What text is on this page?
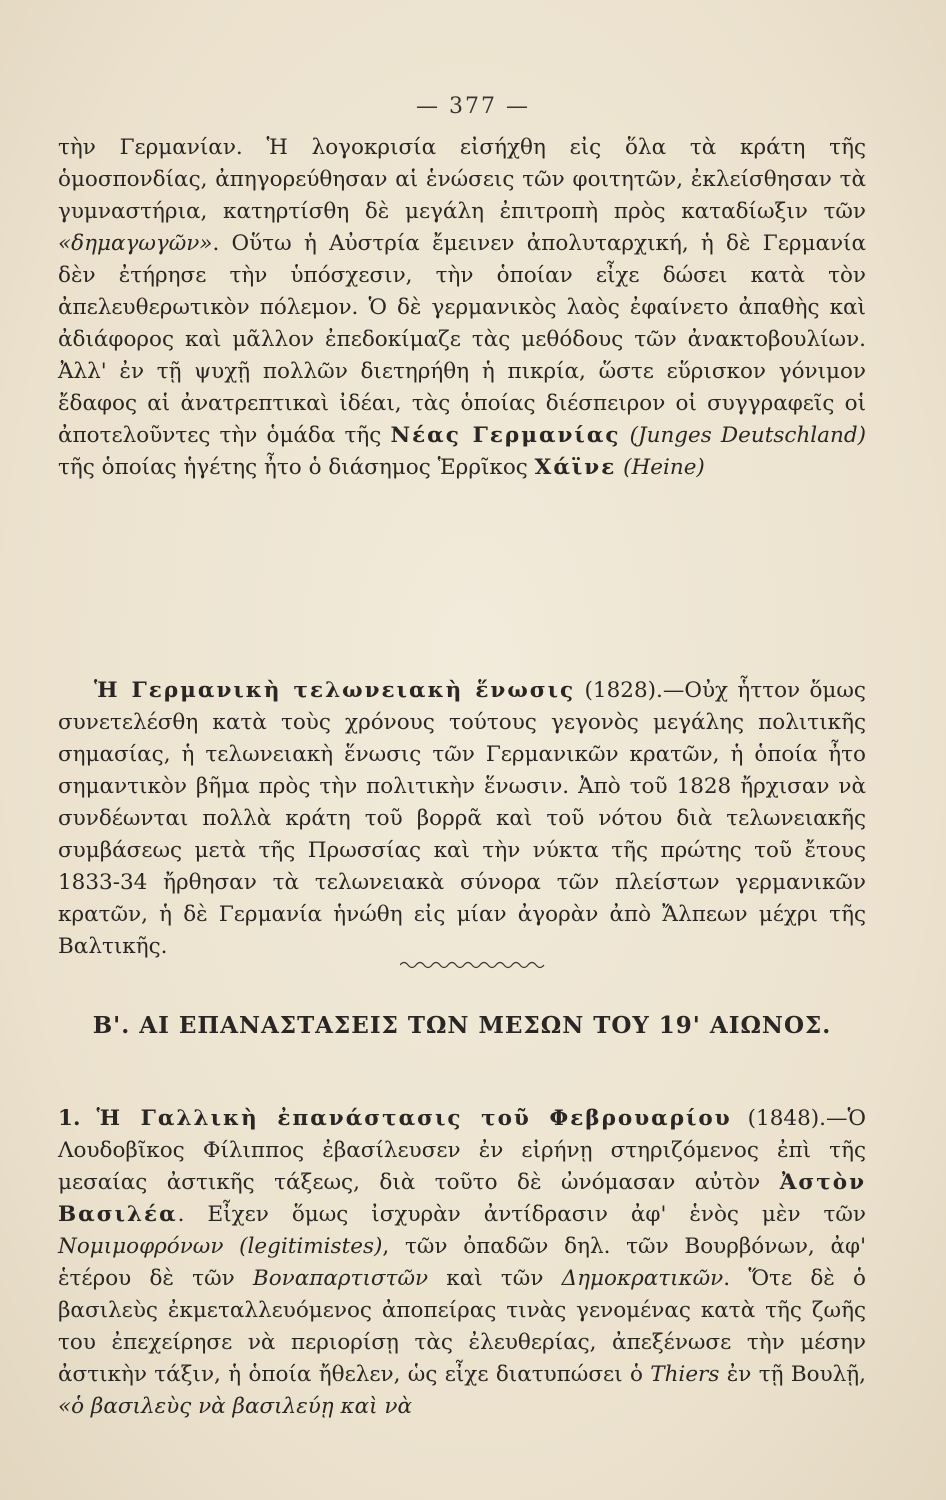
— 377 —
τὴν Γερμανίαν. Ἡ λογοκρισία εἰσήχθη εἰς ὅλα τὰ κράτη τῆς ὁμοσπονδίας, ἀπηγορεύθησαν αἱ ἑνώσεις τῶν φοιτητῶν, ἐκλείσθησαν τὰ γυμναστήρια, κατηρτίσθη δὲ μεγάλη ἐπιτροπὴ πρὸς καταδίωξιν τῶν «δημαγωγῶν». Οὕτω ἡ Αὐστρία ἔμεινεν ἀπολυταρχική, ἡ δὲ Γερμανία δὲν ἐτήρησε τὴν ὑπόσχεσιν, τὴν ὁποίαν εἶχε δώσει κατὰ τὸν ἀπελευθερωτικὸν πόλεμον. Ὁ δὲ γερμανικὸς λαὸς ἐφαίνετο ἀπαθὴς καὶ ἀδιάφορος καὶ μᾶλλον ἐπεδοκίμαζε τὰς μεθόδους τῶν ἀνακτοβουλίων. Ἀλλ' ἐν τῇ ψυχῇ πολλῶν διετηρήθη ἡ πικρία, ὥστε εὕρισκον γόνιμον ἔδαφος αἱ ἀνατρεπτικαὶ ἰδέαι, τὰς ὁποίας διέσπειρον οἱ συγγραφεῖς οἱ ἀποτελοῦντες τὴν ὁμάδα τῆς Νέας Γερμανίας (Junges Deutschland) τῆς ὁποίας ἡγέτης ἦτο ὁ διάσημος Ἑρρῖκος Χάϊνε (Heine)
Ἡ Γερμανικὴ τελωνειακὴ ἕνωσις (1828).—Οὐχ ἧττον ὅμως συνετελέσθη κατὰ τοὺς χρόνους τούτους γεγονὸς μεγάλης πολιτικῆς σημασίας, ἡ τελωνειακὴ ἕνωσις τῶν Γερμανικῶν κρατῶν, ἡ ὁποία ἦτο σημαντικὸν βῆμα πρὸς τὴν πολιτικὴν ἕνωσιν. Ἀπὸ τοῦ 1828 ἤρχισαν νὰ συνδέωνται πολλὰ κράτη τοῦ βορρᾶ καὶ τοῦ νότου διὰ τελωνειακῆς συμβάσεως μετὰ τῆς Πρωσσίας καὶ τὴν νύκτα τῆς πρώτης τοῦ ἔτους 1833-34 ἤρθησαν τὰ τελωνειακὰ σύνορα τῶν πλείστων γερμανικῶν κρατῶν, ἡ δὲ Γερμανία ἡνώθη εἰς μίαν ἀγορὰν ἀπὸ Ἄλπεων μέχρι τῆς Βαλτικῆς.
Β'. ΑΙ ΕΠΑΝΑΣΤΑΣΕΙΣ ΤΩΝ ΜΕΣΩΝ ΤΟΥ 19' ΑΙΩΝΟΣ.
1. Ἡ Γαλλικὴ ἐπανάστασις τοῦ Φεβρουαρίου (1848).—Ὁ Λουδοβῖκος Φίλιππος ἐβασίλευσεν ἐν εἰρήνῃ στηριζόμενος ἐπὶ τῆς μεσαίας ἀστικῆς τάξεως, διὰ τοῦτο δὲ ὠνόμασαν αὐτὸν Ἀστὸν Βασιλέα. Εἶχεν ὅμως ἰσχυρὰν ἀντίδρασιν ἀφ' ἑνὸς μὲν τῶν Νομιμοφρόνων (legitimistes), τῶν ὀπαδῶν δηλ. τῶν Βουρβόνων, ἀφ' ἑτέρου δὲ τῶν Βοναπαρτιστῶν καὶ τῶν Δημοκρατικῶν. Ὅτε δὲ ὁ βασιλεὺς ἐκμεταλλευόμενος ἀποπείρας τινὰς γενομένας κατὰ τῆς ζωῆς του ἐπεχείρησε νὰ περιορίσῃ τὰς ἐλευθερίας, ἀπεξένωσε τὴν μέσην ἀστικὴν τάξιν, ἡ ὁποία ἤθελεν, ὡς εἶχε διατυπώσει ὁ Thiers ἐν τῇ Βουλῇ, «ὁ βασιλεὺς νὰ βασιλεύῃ καὶ νὰ
